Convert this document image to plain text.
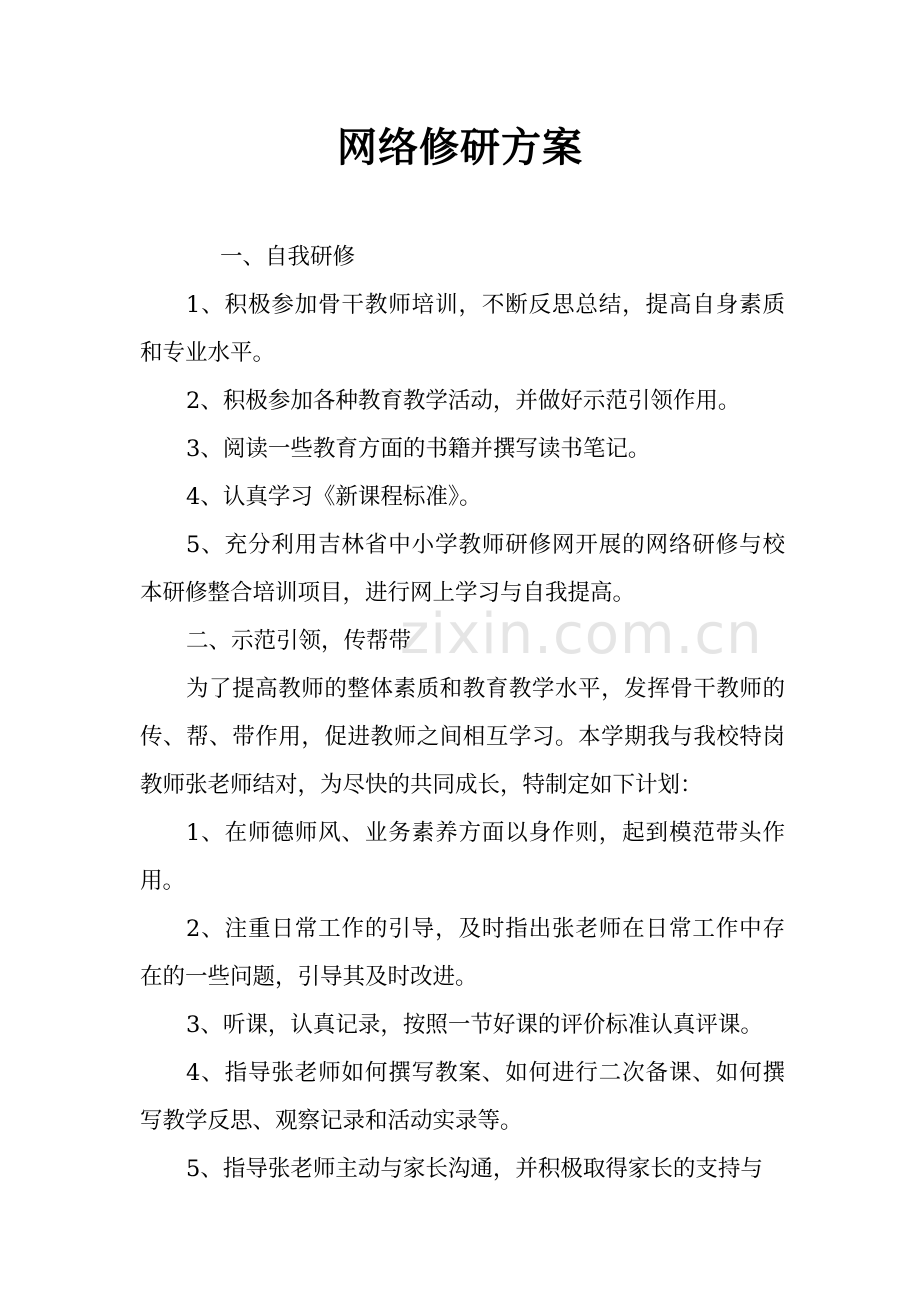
网络修研方案

一、自我研修

1、积极参加骨干教师培训，不断反思总结，提高自身素质和专业水平。

2、积极参加各种教育教学活动，并做好示范引领作用。

3、阅读一些教育方面的书籍并撰写读书笔记。

4、认真学习《新课程标准》。

5、充分利用吉林省中小学教师研修网开展的网络研修与校本研修整合培训项目，进行网上学习与自我提高。

二、示范引领，传帮带

为了提高教师的整体素质和教育教学水平，发挥骨干教师的传、帮、带作用，促进教师之间相互学习。本学期我与我校特岗教师张老师结对，为尽快的共同成长，特制定如下计划：

1、在师德师风、业务素养方面以身作则，起到模范带头作用。

2、注重日常工作的引导，及时指出张老师在日常工作中存在的一些问题，引导其及时改进。

3、听课，认真记录，按照一节好课的评价标准认真评课。

4、指导张老师如何撰写教案、如何进行二次备课、如何撰写教学反思、观察记录和活动实录等。

5、指导张老师主动与家长沟通，并积极取得家长的支持与

zixin.com.cn
